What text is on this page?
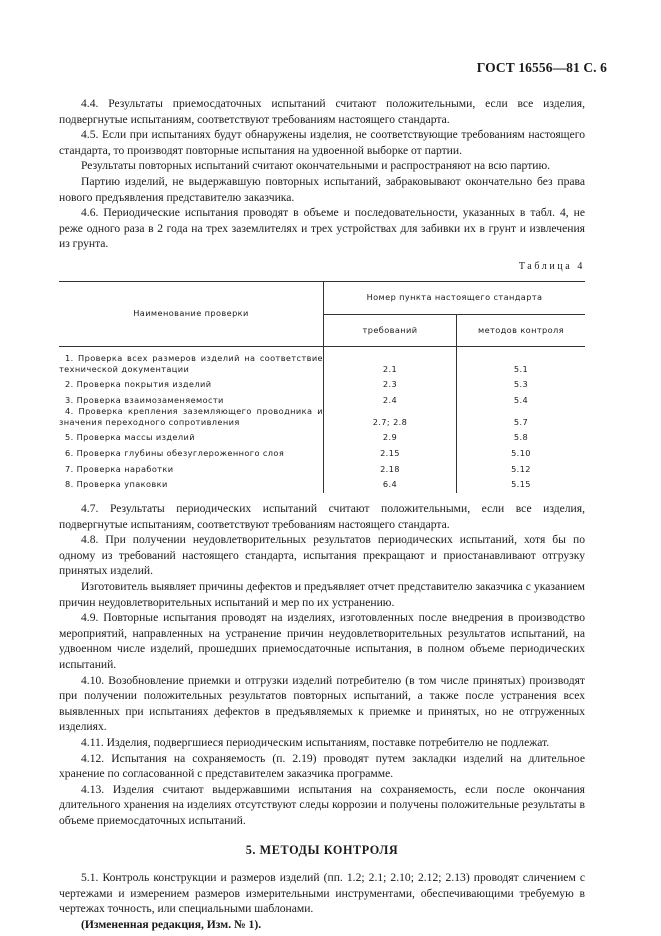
ГОСТ 16556—81 С. 6

4.4. Результаты приемосдаточных испытаний считают положительными, если все изделия, подвергнутые испытаниям, соответствуют требованиям настоящего стандарта.

4.5. Если при испытаниях будут обнаружены изделия, не соответствующие требованиям настоящего стандарта, то производят повторные испытания на удвоенной выборке от партии.

Результаты повторных испытаний считают окончательными и распространяют на всю партию.

Партию изделий, не выдержавшую повторных испытаний, забраковывают окончательно без права нового предъявления представителю заказчика.

4.6. Периодические испытания проводят в объеме и последовательности, указанных в табл. 4, не реже одного раза в 2 года на трех заземлителях и трех устройствах для забивки их в грунт и извлечения из грунта.

Таблица 4
Наименование проверки	Номер пункта настоящего стандарта	
	требований	методов контроля

1. Проверка всех размеров изделий на соответствие технической документации	2.1	5.1

2. Проверка покрытия изделий	2.3	5.3

3. Проверка взаимозаменяемости	2.4	5.4

4. Проверка крепления заземляющего проводника и значения переходного сопротивления	2.7; 2.8	5.7

5. Проверка массы изделий	2.9	5.8

6. Проверка глубины обезуглероженного слоя	2.15	5.10

7. Проверка наработки	2.18	5.12

8. Проверка упаковки	6.4	5.15

4.7. Результаты периодических испытаний считают положительными, если все изделия, подвергнутые испытаниям, соответствуют требованиям настоящего стандарта.

4.8. При получении неудовлетворительных результатов периодических испытаний, хотя бы по одному из требований настоящего стандарта, испытания прекращают и приостанавливают отгрузку принятых изделий.

Изготовитель выявляет причины дефектов и предъявляет отчет представителю заказчика с указанием причин неудовлетворительных испытаний и мер по их устранению.

4.9. Повторные испытания проводят на изделиях, изготовленных после внедрения в производство мероприятий, направленных на устранение причин неудовлетворительных результатов испытаний, на удвоенном числе изделий, прошедших приемосдаточные испытания, в полном объеме периодических испытаний.

4.10. Возобновление приемки и отгрузки изделий потребителю (в том числе принятых) производят при получении положительных результатов повторных испытаний, а также после устранения всех выявленных при испытаниях дефектов в предъявляемых к приемке и принятых, но не отгруженных изделиях.

4.11. Изделия, подвергшиеся периодическим испытаниям, поставке потребителю не подлежат.

4.12. Испытания на сохраняемость (п. 2.19) проводят путем закладки изделий на длительное хранение по согласованной с представителем заказчика программе.

4.13. Изделия считают выдержавшими испытания на сохраняемость, если после окончания длительного хранения на изделиях отсутствуют следы коррозии и получены положительные результаты в объеме приемосдаточных испытаний.

5. МЕТОДЫ КОНТРОЛЯ

5.1. Контроль конструкции и размеров изделий (пп. 1.2; 2.1; 2.10; 2.12; 2.13) проводят сличением с чертежами и измерением размеров измерительными инструментами, обеспечивающими требуемую в чертежах точность, или специальными шаблонами.

(Измененная редакция, Изм. № 1).
